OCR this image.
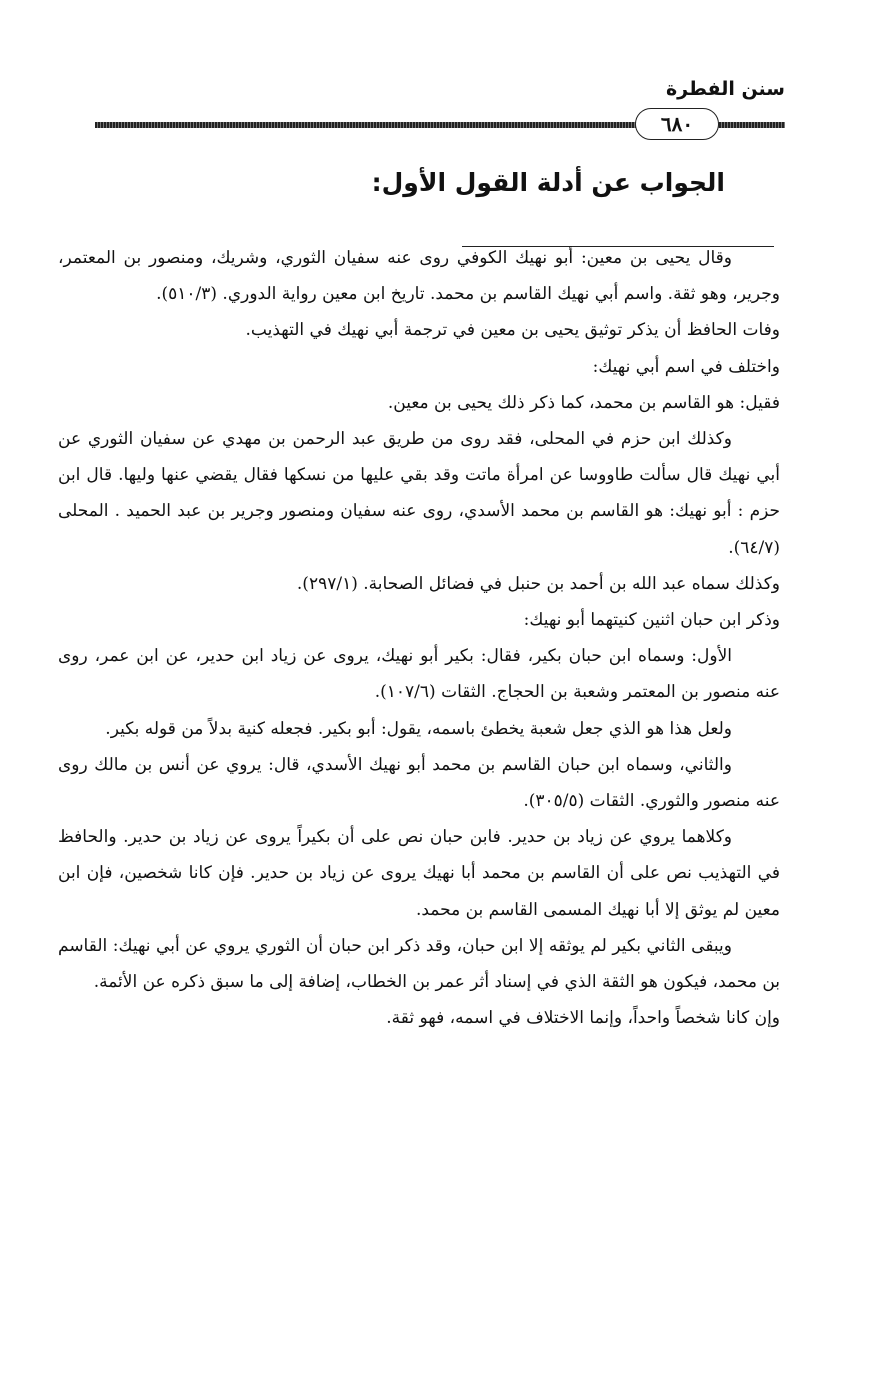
سنن الفطرة
٦٨٠
الجواب عن أدلة القول الأول:

وقال يحيى بن معين: أبو نهيك الكوفي روى عنه سفيان الثوري، وشريك، ومنصور بن المعتمر، وجرير، وهو ثقة. واسم أبي نهيك القاسم بن محمد. تاريخ ابن معين رواية الدوري. (٥١٠/٣).

وفات الحافظ أن يذكر توثيق يحيى بن معين في ترجمة أبي نهيك في التهذيب.

واختلف في اسم أبي نهيك:

فقيل: هو القاسم بن محمد، كما ذكر ذلك يحيى بن معين.

وكذلك ابن حزم في المحلى، فقد روى من طريق عبد الرحمن بن مهدي عن سفيان الثوري عن أبي نهيك قال سألت طاووسا عن امرأة ماتت وقد بقي عليها من نسكها فقال يقضي عنها وليها. قال ابن حزم : أبو نهيك: هو القاسم بن محمد الأسدي، روى عنه سفيان ومنصور وجرير بن عبد الحميد . المحلى (٦٤/٧).

وكذلك سماه عبد الله بن أحمد بن حنبل في فضائل الصحابة. (٢٩٧/١).

وذكر ابن حبان اثنين كنيتهما أبو نهيك:

الأول: وسماه ابن حبان بكير، فقال: بكير أبو نهيك، يروى عن زياد ابن حدير، عن ابن عمر، روى عنه منصور بن المعتمر وشعبة بن الحجاج. الثقات (١٠٧/٦).

ولعل هذا هو الذي جعل شعبة يخطئ باسمه، يقول: أبو بكير. فجعله كنية بدلاً من قوله بكير.

والثاني، وسماه ابن حبان القاسم بن محمد أبو نهيك الأسدي، قال: يروي عن أنس بن مالك روى عنه منصور والثوري. الثقات (٣٠٥/٥).

وكلاهما يروي عن زياد بن حدير. فابن حبان نص على أن بكيراً يروى عن زياد بن حدير. والحافظ في التهذيب نص على أن القاسم بن محمد أبا نهيك يروى عن زياد بن حدير. فإن كانا شخصين، فإن ابن معين لم يوثق إلا أبا نهيك المسمى القاسم بن محمد.

ويبقى الثاني بكير لم يوثقه إلا ابن حبان، وقد ذكر ابن حبان أن الثوري يروي عن أبي نهيك: القاسم بن محمد، فيكون هو الثقة الذي في إسناد أثر عمر بن الخطاب، إضافة إلى ما سبق ذكره عن الأئمة.

وإن كانا شخصاً واحداً، وإنما الاختلاف في اسمه، فهو ثقة.
